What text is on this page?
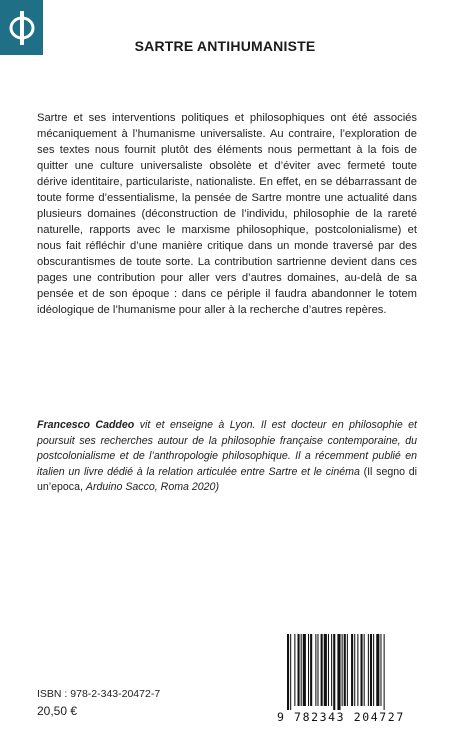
SARTRE ANTIHUMANISTE

Sartre et ses interventions politiques et philosophiques ont été associés mécaniquement à l’humanisme universaliste. Au contraire, l’exploration de ses textes nous fournit plutôt des éléments nous permettant à la fois de quitter une culture universaliste obsolète et d’éviter avec fermeté toute dérive identitaire, particulariste, nationaliste. En effet, en se débarrassant de toute forme d’essentialisme, la pensée de Sartre montre une actualité dans plusieurs domaines (déconstruction de l’individu, philosophie de la rareté naturelle, rapports avec le marxisme philosophique, postcolonialisme) et nous fait réfléchir d’une manière critique dans un monde traversé par des obscurantismes de toute sorte. La contribution sartrienne devient dans ces pages une contribution pour aller vers d’autres domaines, au-delà de sa pensée et de son époque : dans ce périple il faudra abandonner le totem idéologique de l’humanisme pour aller à la recherche d’autres repères.

Francesco Caddeo vit et enseigne à Lyon. Il est docteur en philosophie et poursuit ses recherches autour de la philosophie française contemporaine, du postcolonialisme et de l’anthropologie philosophique. Il a récemment publié en italien un livre dédié à la relation articulée entre Sartre et le cinéma (Il segno di un’epoca, Arduino Sacco, Roma 2020)

ISBN : 978-2-343-20472-7
20,50 €	9 782343 204727
